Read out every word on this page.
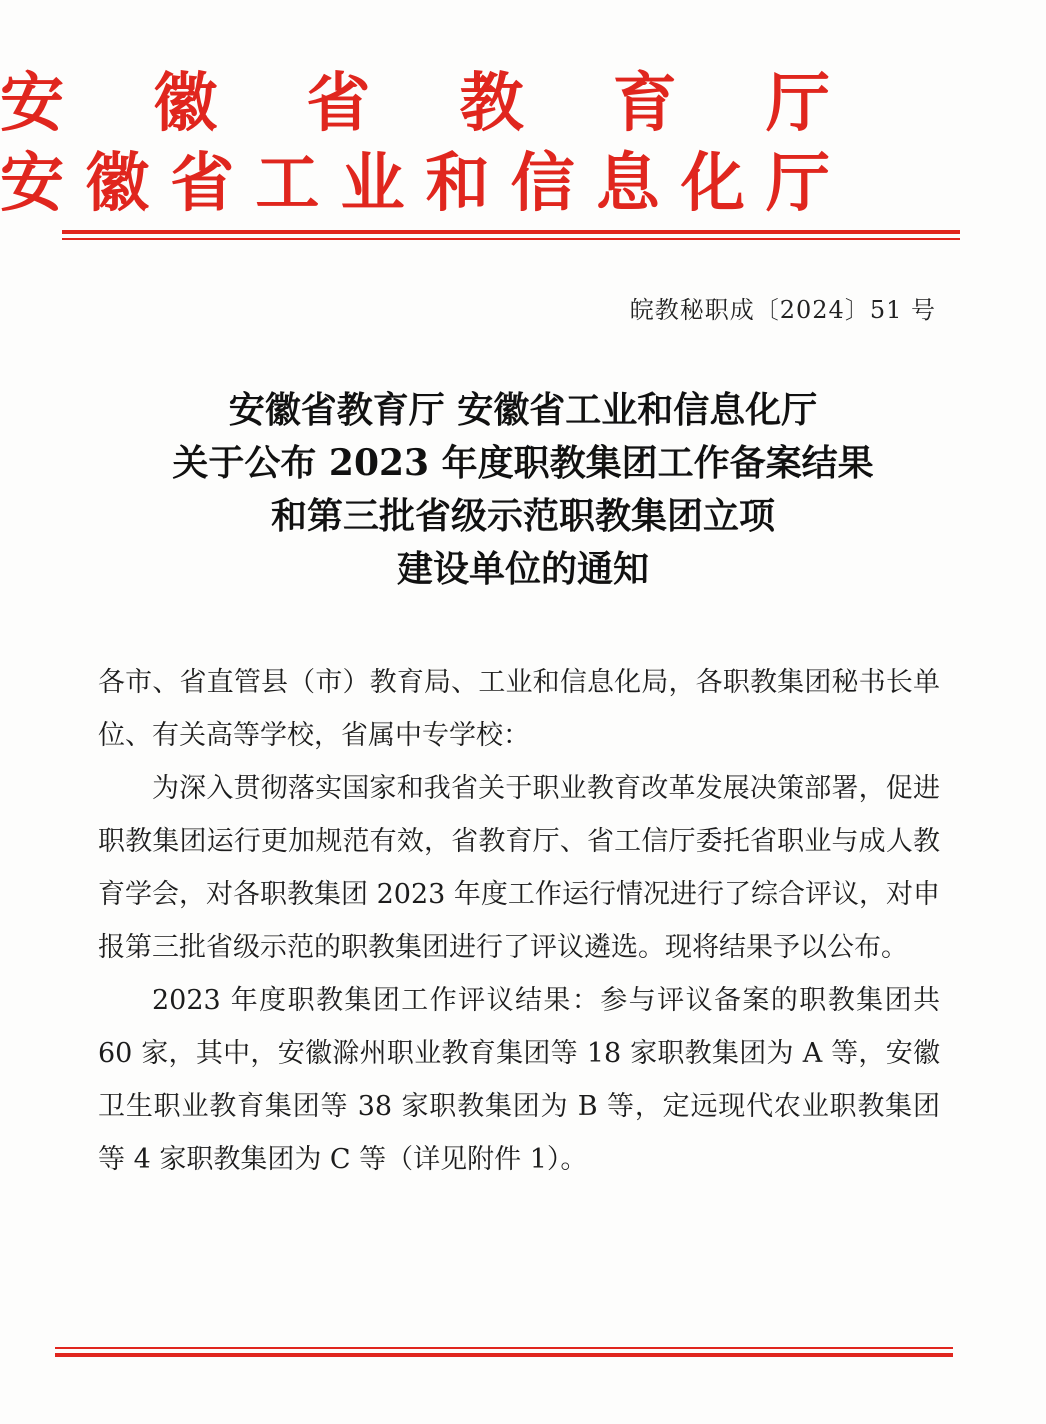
安 徽 省 教 育 厅
安 徽 省 工 业 和 信 息 化 厅
皖教秘职成〔2024〕51 号
安徽省教育厅 安徽省工业和信息化厅
关于公布 2023 年度职教集团工作备案结果
和第三批省级示范职教集团立项
建设单位的通知

各市、省直管县（市）教育局、工业和信息化局，各职教集团秘书长单位、有关高等学校，省属中专学校：

为深入贯彻落实国家和我省关于职业教育改革发展决策部署，促进职教集团运行更加规范有效，省教育厅、省工信厅委托省职业与成人教育学会，对各职教集团 2023 年度工作运行情况进行了综合评议，对申报第三批省级示范的职教集团进行了评议遴选。现将结果予以公布。

2023 年度职教集团工作评议结果：参与评议备案的职教集团共 60 家，其中，安徽滁州职业教育集团等 18 家职教集团为 A 等，安徽卫生职业教育集团等 38 家职教集团为 B 等，定远现代农业职教集团等 4 家职教集团为 C 等（详见附件 1）。
